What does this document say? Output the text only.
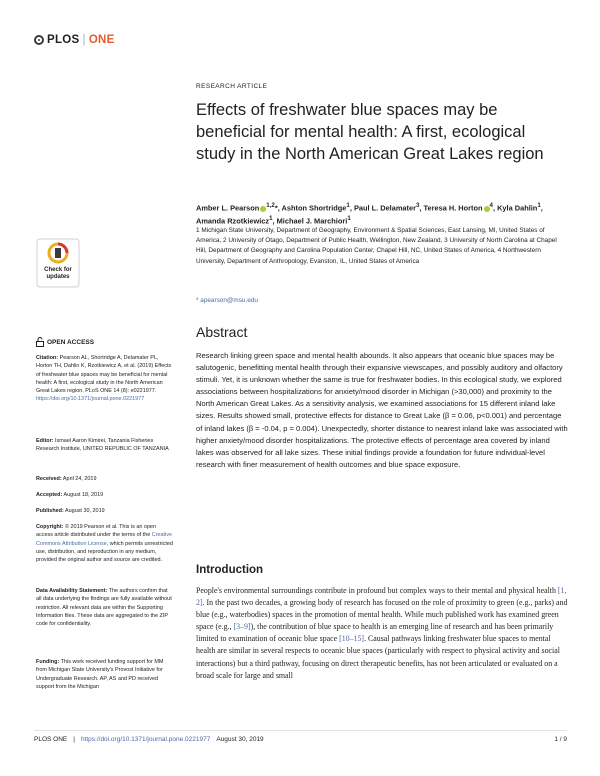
PLOS | ONE
RESEARCH ARTICLE
Effects of freshwater blue spaces may be beneficial for mental health: A first, ecological study in the North American Great Lakes region
Amber L. Pearson $^{1,2}$*, Ashton Shortridge$^1$, Paul L. Delamater$^3$, Teresa H. Horton $^4$, Kyla Dahlin$^1$, Amanda Rzotkiewicz$^1$, Michael J. Marchiori$^1$
1 Michigan State University, Department of Geography, Environment & Spatial Sciences, East Lansing, MI, United States of America, 2 University of Otago, Department of Public Health, Wellington, New Zealand, 3 University of North Carolina at Chapel Hill, Department of Geography and Carolina Population Center, Chapel Hill, NC, United States of America, 4 Northwestern University, Department of Anthropology, Evanston, IL, United States of America
* apearson@msu.edu
Check for updates
OPEN ACCESS
Citation: Pearson AL, Shortridge A, Delamater PL, Horton TH, Dahlin K, Rzotkiewicz A, et al. (2019) Effects of freshwater blue spaces may be beneficial for mental health: A first, ecological study in the North American Great Lakes region. PLoS ONE 14 (8): e0221977. https://doi.org/10.1371/journal.pone.0221977
Editor: Ismael Aaron Kimirei, Tanzania Fisheries Research Institute, UNITED REPUBLIC OF TANZANIA
Received: April 24, 2019
Accepted: August 18, 2019
Published: August 30, 2019
Copyright: © 2019 Pearson et al. This is an open access article distributed under the terms of the Creative Commons Attribution License, which permits unrestricted use, distribution, and reproduction in any medium, provided the original author and source are credited.
Data Availability Statement: The authors confirm that all data underlying the findings are fully available without restriction. All relevant data are within the Supporting Information files. These data are aggregated to the ZIP code for confidentiality.
Funding: This work received funding support for MM from Michigan State University's Provost Initiative for Undergraduate Research. AP, AS and PD received support from the Michigan
Abstract
Research linking green space and mental health abounds. It also appears that oceanic blue spaces may be salutogenic, benefitting mental health through their expansive viewscapes, and possibly auditory and olfactory stimuli. Yet, it is unknown whether the same is true for freshwater bodies. In this ecological study, we explored associations between hospitalizations for anxiety/mood disorder in Michigan (>30,000) and proximity to the North American Great Lakes. As a sensitivity analysis, we examined associations for 15 different inland lake sizes. Results showed small, protective effects for distance to Great Lake (β = 0.06, p<0.001) and percentage of inland lakes (β = -0.04, p = 0.004). Unexpectedly, shorter distance to nearest inland lake was associated with higher anxiety/mood disorder hospitalizations. The protective effects of percentage area covered by inland lakes was observed for all lake sizes. These initial findings provide a foundation for future individual-level research with finer measurement of health outcomes and blue space exposure.
Introduction
People's environmental surroundings contribute in profound but complex ways to their mental and physical health [1, 2]. In the past two decades, a growing body of research has focused on the role of proximity to green (e.g., parks) and blue (e.g., waterbodies) spaces in the promotion of mental health. While much published work has examined green space (e.g., [3–9]), the contribution of blue space to health is an emerging line of research and has been primarily limited to examination of oceanic blue space [10–15]. Causal pathways linking freshwater blue spaces to mental health are similar in several respects to oceanic blue spaces (particularly with respect to physical activity and social interactions) but a third pathway, focusing on direct therapeutic benefits, has not been articulated or evaluated on a broad scale for large and small
PLOS ONE | https://doi.org/10.1371/journal.pone.0221977 August 30, 2019	1 / 9
